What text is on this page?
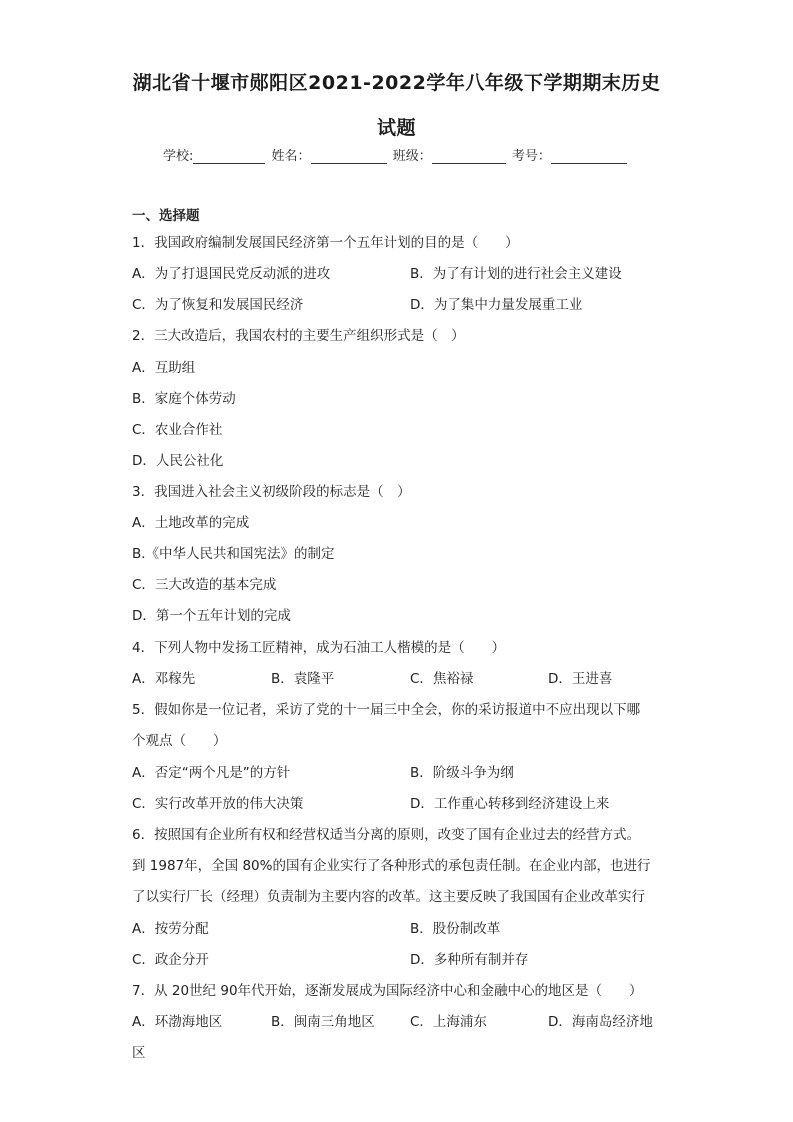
湖北省十堰市郧阳区2021-2022学年八年级下学期期末历史
试题
学校:	姓名：	班级：	考号：
一、选择题
1．我国政府编制发展国民经济第一个五年计划的目的是（　　）
A．为了打退国民党反动派的进攻	B．为了有计划的进行社会主义建设
C．为了恢复和发展国民经济	D．为了集中力量发展重工业
2．三大改造后，我国农村的主要生产组织形式是（　）
A．互助组
B．家庭个体劳动
C．农业合作社
D．人民公社化
3．我国进入社会主义初级阶段的标志是（　）
A．土地改革的完成
B.《中华人民共和国宪法》的制定
C．三大改造的基本完成
D．第一个五年计划的完成
4．下列人物中发扬工匠精神，成为石油工人楷模的是（　　）
A．邓稼先	B．袁隆平	C．焦裕禄	D．王进喜
5．假如你是一位记者，采访了党的十一届三中全会，你的采访报道中不应出现以下哪
个观点（　　）
A．否定“两个凡是”的方针	B．阶级斗争为纲
C．实行改革开放的伟大决策	D．工作重心转移到经济建设上来
6．按照国有企业所有权和经营权适当分离的原则，改变了国有企业过去的经营方式。
到 1987年，全国 80%的国有企业实行了各种形式的承包责任制。在企业内部，也进行
了以实行厂长（经理）负责制为主要内容的改革。这主要反映了我国国有企业改革实行
A．按劳分配	B．股份制改革
C．政企分开	D．多种所有制并存
7．从 20世纪 90年代开始，逐渐发展成为国际经济中心和金融中心的地区是（　　）
A．环渤海地区	B．闽南三角地区	C．上海浦东	D．海南岛经济地
区
